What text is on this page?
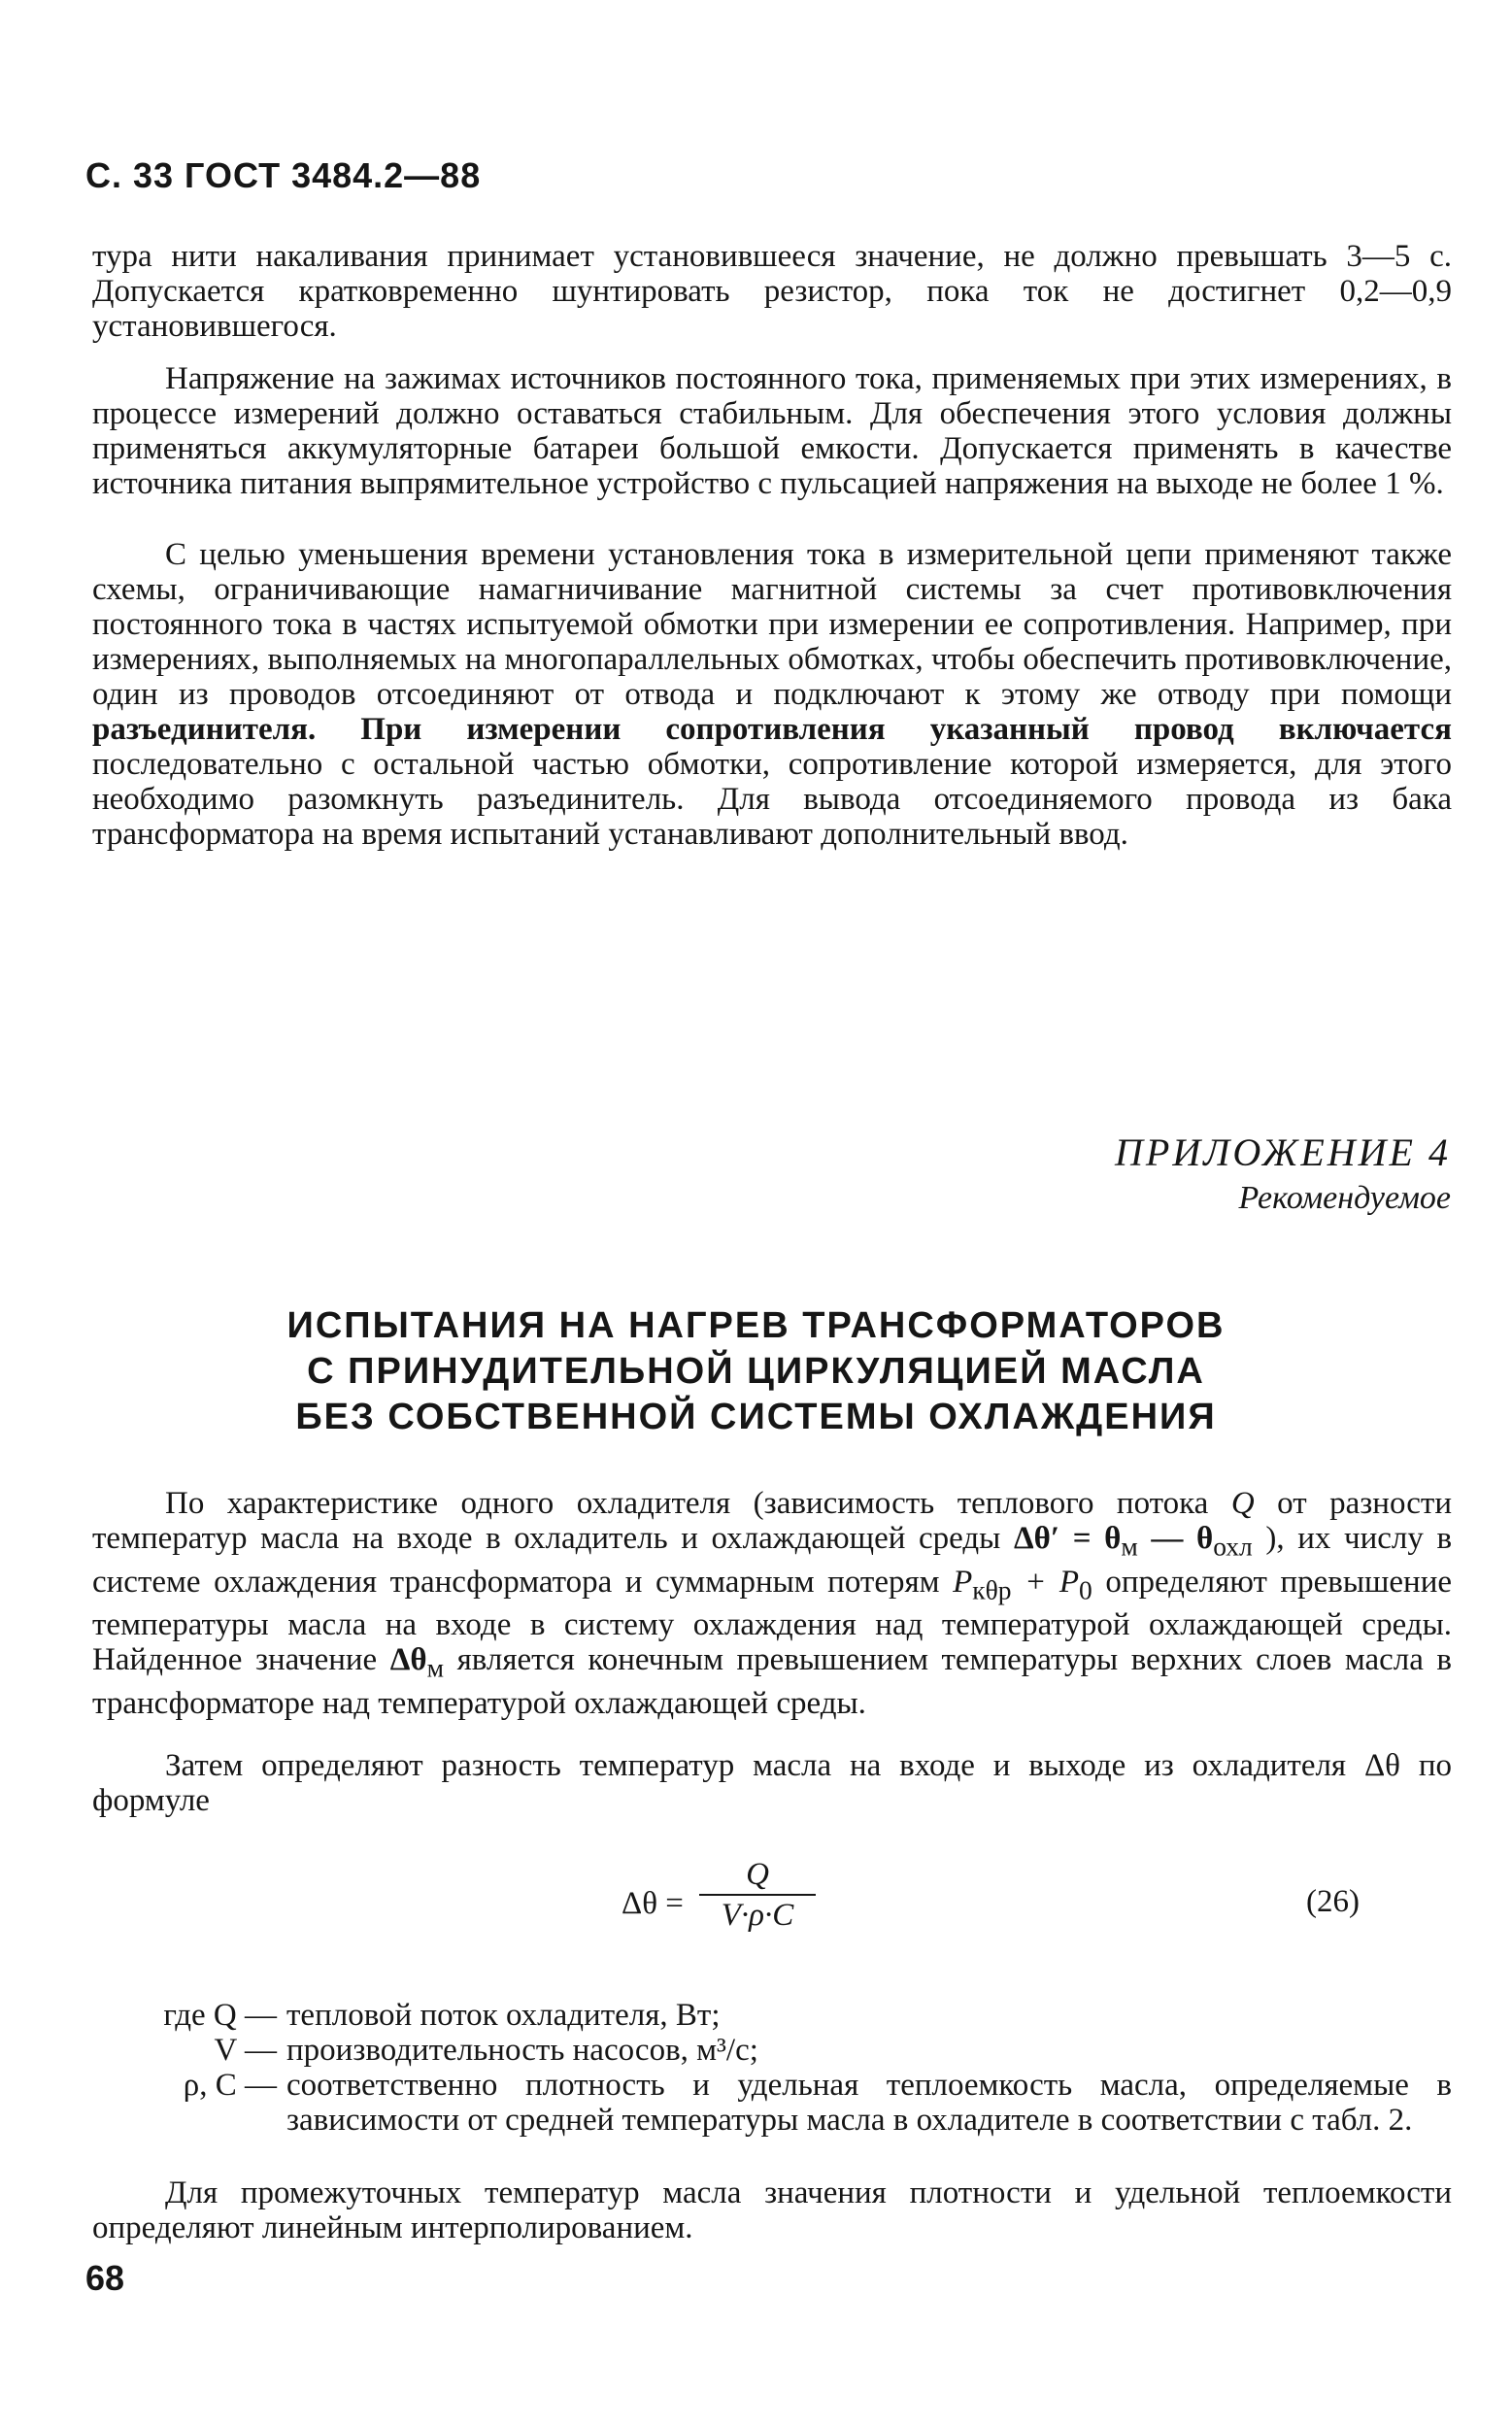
С. 33 ГОСТ 3484.2—88

тура нити накаливания принимает установившееся значение, не должно превышать 3—5 с. Допускается кратковременно шунтировать резистор, пока ток не достигнет 0,2—0,9 установившегося.

Напряжение на зажимах источников постоянного тока, применяемых при этих измерениях, в процессе измерений должно оставаться стабильным. Для обеспечения этого условия должны применяться аккумуляторные батареи большой емкости. Допускается применять в качестве источника питания выпрямительное устройство с пульсацией напряжения на выходе не более 1 %.

С целью уменьшения времени установления тока в измерительной цепи применяют также схемы, ограничивающие намагничивание магнитной системы за счет противовключения постоянного тока в частях испытуемой обмотки при измерении ее сопротивления. Например, при измерениях, выполняемых на многопараллельных обмотках, чтобы обеспечить противовключение, один из проводов отсоединяют от отвода и подключают к этому же отводу при помощи разъединителя. При измерении сопротивления указанный провод включается последовательно с остальной частью обмотки, сопротивление которой измеряется, для этого необходимо разомкнуть разъединитель. Для вывода отсоединяемого провода из бака трансформатора на время испытаний устанавливают дополнительный ввод.

ПРИЛОЖЕНИЕ 4
Рекомендуемое
ИСПЫТАНИЯ НА НАГРЕВ ТРАНСФОРМАТОРОВ
С ПРИНУДИТЕЛЬНОЙ ЦИРКУЛЯЦИЕЙ МАСЛА
БЕЗ СОБСТВЕННОЙ СИСТЕМЫ ОХЛАЖДЕНИЯ

По характеристике одного охладителя (зависимость теплового потока Q от разности температур масла на входе в охладитель и охлаждающей среды $\Delta\theta' = \theta_м$ — $\theta_{охл}$ ), их числу в системе охлаждения трансформатора и суммарным потерям $P_{к\theta р} + P_0$ определяют превышение температуры масла на входе в систему охлаждения над температурой охлаждающей среды. Найденное значение $\Delta\theta_м$ является конечным превышением температуры верхних слоев масла в трансформаторе над температурой охлаждающей среды.

Затем определяют разность температур масла на входе и выходе из охладителя Δθ по формуле

Δθ =
Q
V·ρ·C	(26)
где Q — тепловой поток охладителя, Вт;
V — производительность насосов, м³/с;
ρ, C — соответственно плотность и удельная теплоемкость масла, определяемые в зависимости от средней температуры масла в охладителе в соответствии с табл. 2.

Для промежуточных температур масла значения плотности и удельной теплоемкости определяют линейным интерполированием.

68
